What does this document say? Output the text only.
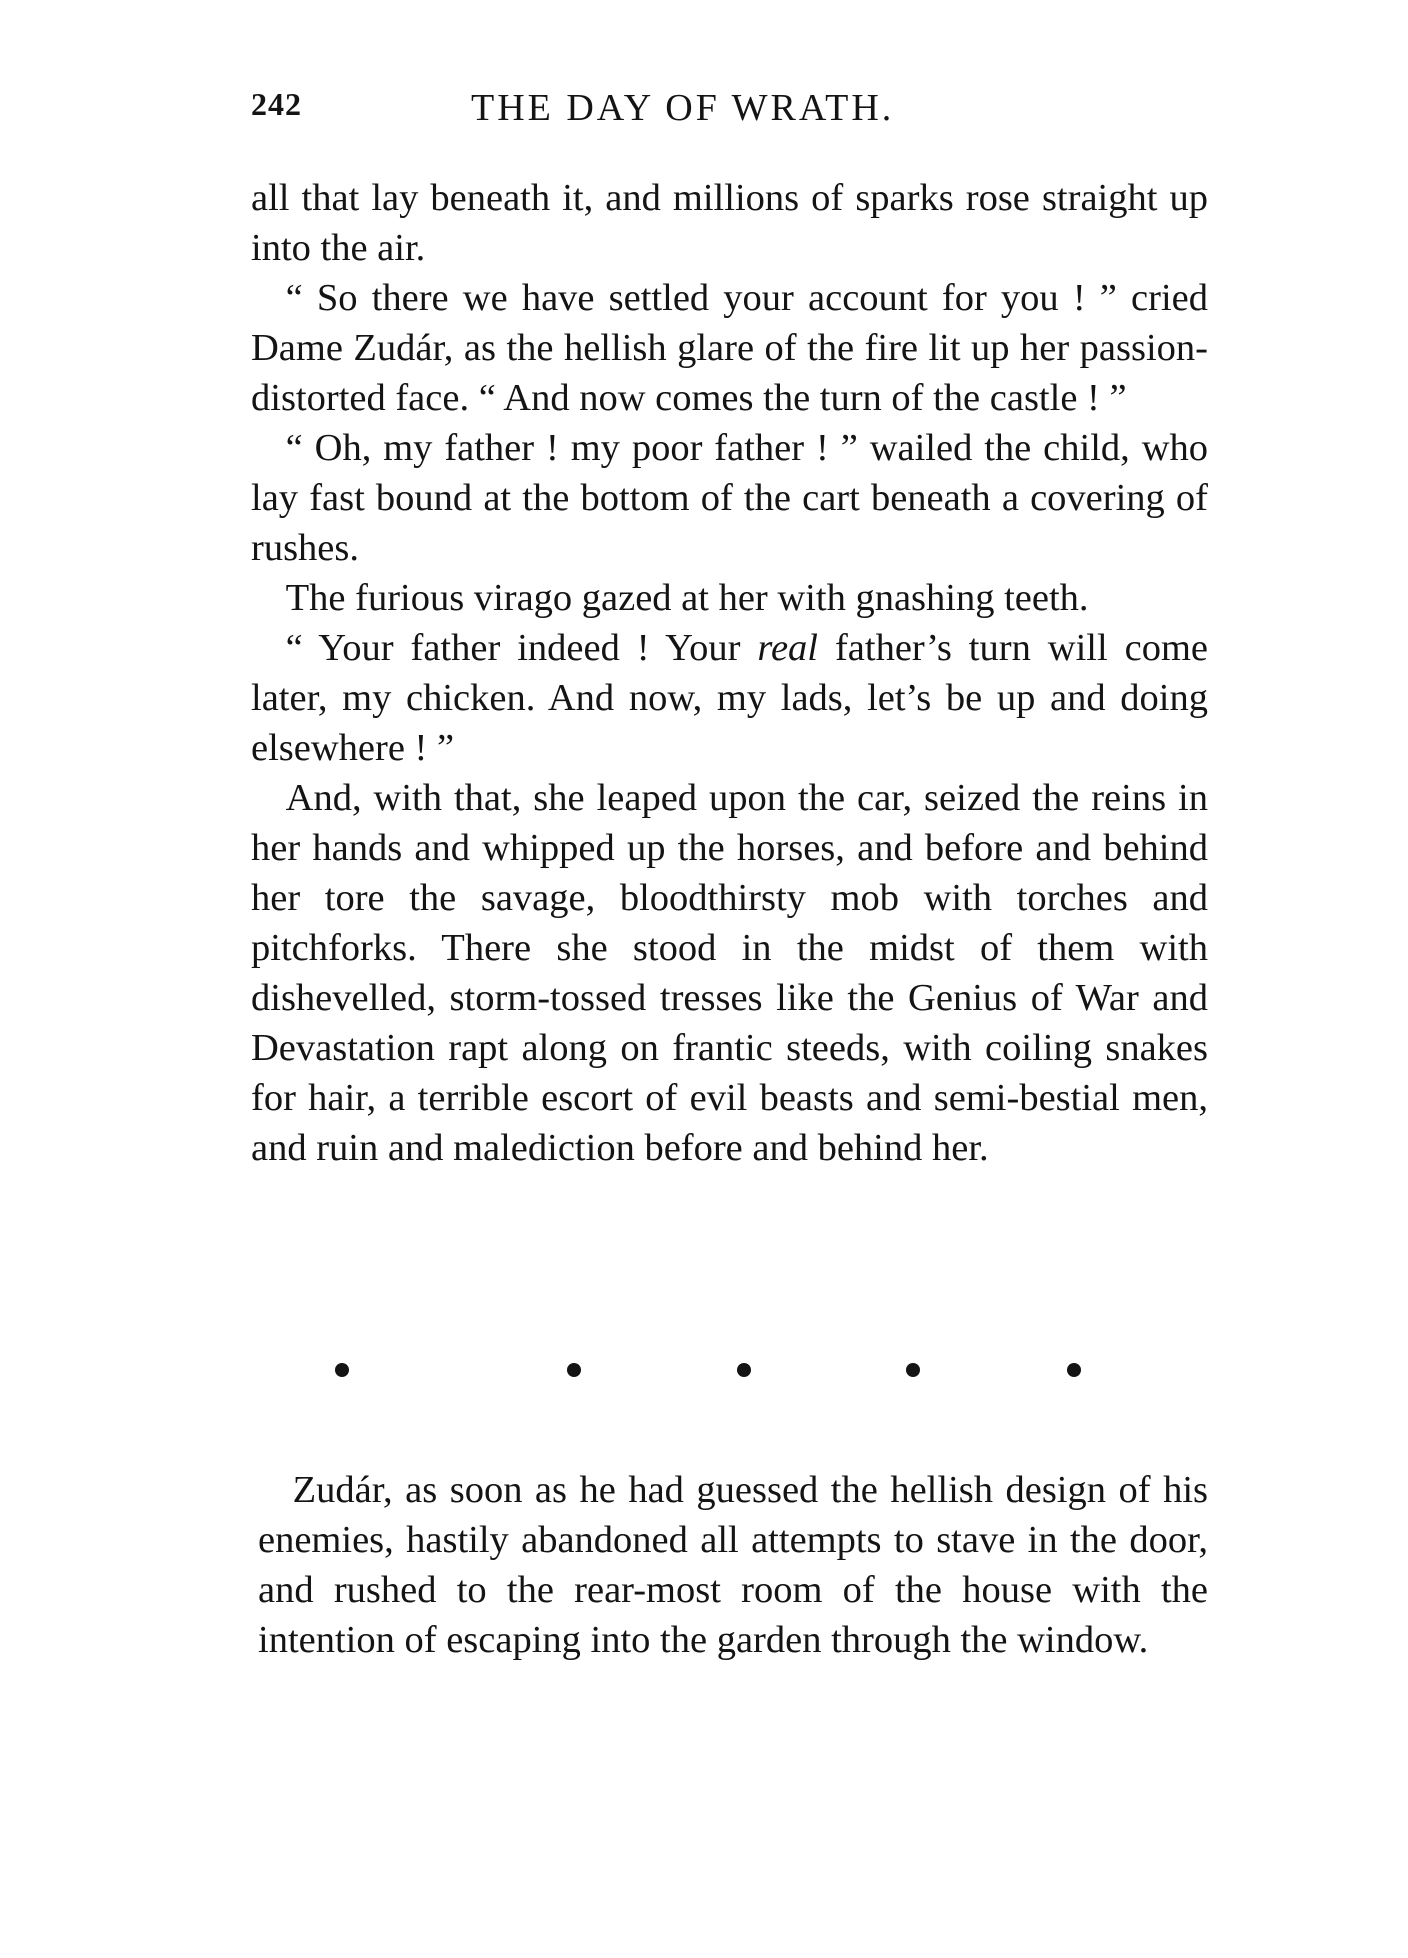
242	THE DAY OF WRATH.

all that lay beneath it, and millions of sparks rose straight up into the air.

“ So there we have settled your account for you ! ” cried Dame Zudár, as the hellish glare of the fire lit up her passion-distorted face. “ And now comes the turn of the castle ! ”

“ Oh, my father ! my poor father ! ” wailed the child, who lay fast bound at the bottom of the cart beneath a covering of rushes.

The furious virago gazed at her with gnashing teeth.

“ Your father indeed ! Your real father’s turn will come later, my chicken. And now, my lads, let’s be up and doing elsewhere ! ”

And, with that, she leaped upon the car, seized the reins in her hands and whipped up the horses, and before and behind her tore the savage, bloodthirsty mob with torches and pitchforks. There she stood in the midst of them with dishevelled, storm-tossed tresses like the Genius of War and Devastation rapt along on frantic steeds, with coiling snakes for hair, a terrible escort of evil beasts and semi-bestial men, and ruin and malediction before and behind her.

Zudár, as soon as he had guessed the hellish design of his enemies, hastily abandoned all attempts to stave in the door, and rushed to the rear-most room of the house with the intention of escaping into the garden through the window.
